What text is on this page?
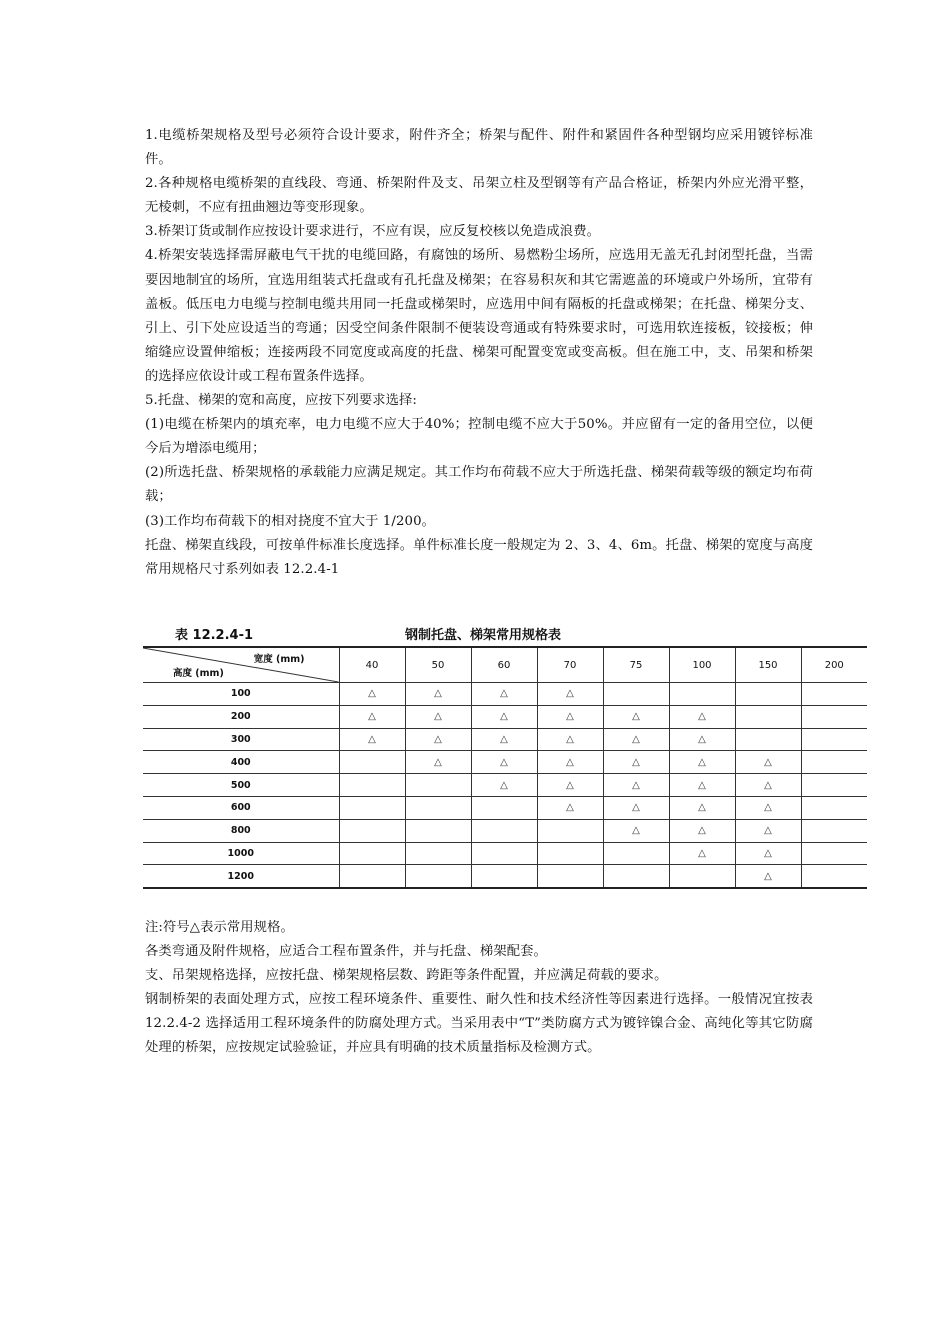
1.电缆桥架规格及型号必须符合设计要求，附件齐全；桥架与配件、附件和紧固件各种型钢均应采用镀锌标准件。

2.各种规格电缆桥架的直线段、弯通、桥架附件及支、吊架立柱及型钢等有产品合格证，桥架内外应光滑平整，无棱刺，不应有扭曲翘边等变形现象。

3.桥架订货或制作应按设计要求进行，不应有误，应反复校核以免造成浪费。

4.桥架安装选择需屏蔽电气干扰的电缆回路，有腐蚀的场所、易燃粉尘场所，应选用无盖无孔封闭型托盘，当需要因地制宜的场所，宜选用组装式托盘或有孔托盘及梯架；在容易积灰和其它需遮盖的环境或户外场所，宜带有盖板。低压电力电缆与控制电缆共用同一托盘或梯架时，应选用中间有隔板的托盘或梯架；在托盘、梯架分支、引上、引下处应设适当的弯通；因受空间条件限制不便装设弯通或有特殊要求时，可选用软连接板，铰接板；伸缩缝应设置伸缩板；连接两段不同宽度或高度的托盘、梯架可配置变宽或变高板。但在施工中，支、吊架和桥架的选择应依设计或工程布置条件选择。

5.托盘、梯架的宽和高度，应按下列要求选择:

(1)电缆在桥架内的填充率，电力电缆不应大于40%；控制电缆不应大于50%。并应留有一定的备用空位，以便今后为增添电缆用；

(2)所选托盘、桥架规格的承载能力应满足规定。其工作均布荷载不应大于所选托盘、梯架荷载等级的额定均布荷载；

(3)工作均布荷载下的相对挠度不宜大于 1/200。

托盘、梯架直线段，可按单件标准长度选择。单件标准长度一般规定为 2、3、4、6m。托盘、梯架的宽度与高度常用规格尺寸系列如表 12.2.4-1

表 12.2.4-1	钢制托盘、梯架常用规格表
宽度 (mm)
高度 (mm)	40	50	60	70	75	100	150	200
100	△	△	△	△				
200	△	△	△	△	△	△		
300	△	△	△	△	△	△		
400		△	△	△	△	△	△	
500			△	△	△	△	△	
600				△	△	△	△	
800					△	△	△	
1000						△	△	
1200							△	

注:符号△表示常用规格。

各类弯通及附件规格，应适合工程布置条件，并与托盘、梯架配套。

支、吊架规格选择，应按托盘、梯架规格层数、跨距等条件配置，并应满足荷载的要求。

钢制桥架的表面处理方式，应按工程环境条件、重要性、耐久性和技术经济性等因素进行选择。一般情况宜按表 12.2.4-2 选择适用工程环境条件的防腐处理方式。当采用表中“T”类防腐方式为镀锌镍合金、高纯化等其它防腐处理的桥架，应按规定试验验证，并应具有明确的技术质量指标及检测方式。
